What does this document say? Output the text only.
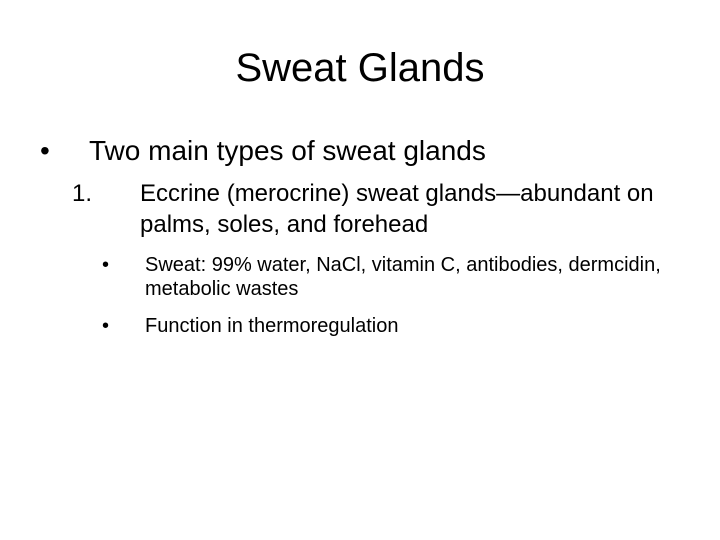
Sweat Glands
• Two main types of sweat glands
1. Eccrine (merocrine) sweat glands—abundant on palms, soles, and forehead
• Sweat: 99% water, NaCl, vitamin C, antibodies, dermcidin, metabolic wastes
• Function in thermoregulation
